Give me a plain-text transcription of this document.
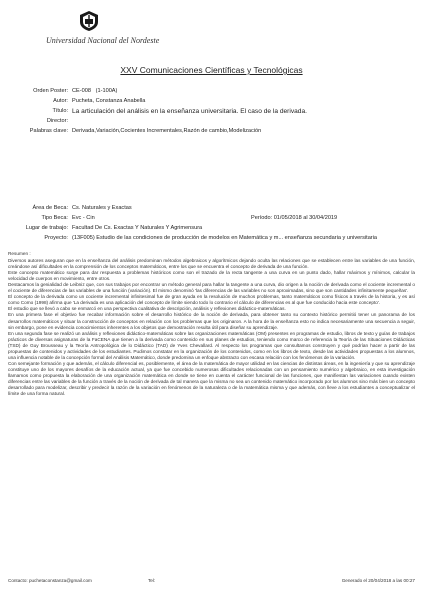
Universidad Nacional del Nordeste
XXV Comunicaciones Científicas y Tecnológicas
Orden Poster: CE-008 (1-100A)
Autor: Pucheta, Constanza Anabella
Título: La articulación del análisis en la enseñanza universitaria. El caso de la derivada.
Director:
Palabras clave: Derivada,Variación,Cocientes Incrementales,Razón de cambio,Modelización
Área de Beca: Cs. Naturales y Exactas
Tipo Beca: Evc - Cin	Período: 01/05/2018 al 30/04/2019
Lugar de trabajo: Facultad De Cs. Exactas Y Naturales Y Agrimensura
Proyecto: (13F005) Estudio de las condiciones de producción de modelos en Matemática y m... enseñanza secundaria y universitaria

Resumen :

Diversos autores aseguran que en la enseñanza del análisis predominan métodos algebraicos y algorítmicos dejando oculta las relaciones que se establecen entre las variables de una función, creándose así dificultades en la comprensión de los conceptos matemáticos, entre los que se encuentra el concepto de derivada de una función.

Este concepto matemático surge para dar respuesta a problemas históricos como son el trazado de la recta tangente a una curva en un punto dado, hallar máximos y mínimos, calcular la velocidad de cuerpos en movimiento, entre otros.

Destacamos la genialidad de Leibniz que, con sus trabajos por encontrar un método general para hallar la tangente a una curva, dio origen a la noción de derivada como el cociente incremental o el cociente de diferencias de las variables de una función (variación). El mismo denominó 'las diferencias de las variables no son aproximadas, sino que son cantidades infinitamente pequeñas'.

El concepto de la derivada como un cociente incremental infinitesimal fue de gran ayuda en la resolución de muchos problemas, tanto matemáticos como físicos a través de la historia, y es así como Como (1998) afirma que 'La derivada es una aplicación del concepto de límite siendo todo lo contrario el cálculo de diferencias es al que fue conducido hacia este concepto'.

El estudio que se llevó a cabo se enmarcó en una perspectiva cualitativa de descripción, análisis y reflexiones didáctico-matemáticas.

En una primera fase el objetivo fue recabar información sobre el desarrollo histórico de la noción de derivada, para obtener tanto su contexto histórico permitió tener un panorama de los desarrollos matemáticos y situar la construcción de conceptos en relación con los problemas que los originaron. A la hora de la enseñanza esto no indica necesariamente una secuencia a seguir, sin embargo, pone en evidencia conocimientos inherentes a los objetos que demostración resulta útil para diseñar su aprendizaje.

En una segunda fase se realizó un análisis y reflexiones didáctico-matemáticas sobre las organizaciones matemáticas (OM) presentes en programas de estudio, libros de texto y guías de trabajos prácticos de diversas asignaturas de la FaCENA que tienen a la derivada como contenido en sus planes de estudios, teniendo como marco de referencia la Teoría de las Situaciones Didácticas (TSD) de Guy Brousseau y la Teoría Antropológica de lo Didáctico (TAD) de Yves Chevallard. Al respecto los programas que consultamos construyen y qué podrían hacer a partir de las propuestas de contenidos y actividades de los estudiantes. Pudimos constatar en la organización de los contenidos, como en los libros de texto, desde las actividades propuestas a los alumnos, una influencia notable de la concepción formal del Análisis Matemático, donde predomina un enfoque abstracto con escasa relación con los fenómenos de la variación.

Con semejante formación y que además, el cálculo diferencial es, posiblemente, el área de la matemática de mayor utilidad en las ciencias de distintas áreas, en la ingeniería y que su aprendizaje constituye uno de los mayores desafíos de la educación actual, ya que fue concebido numerosas dificultades relacionadas con un pensamiento numérico y algebraico, en esta investigación llamamos como propuesta la elaboración de una organización matemática en donde se tiene en cuenta el carácter funcional de las funciones, que manifiestan las variaciones cuando existen diferencias entre las variables de la función a través de la noción de derivada de tal manera que la misma no sea un contenido matemático incorporado por los alumnos sino más bien un concepto desarrollado para modelizar, describir y predecir la razón de la variación en fenómenos de la naturaleza o de la matemática misma y que además, con lleve a los estudiantes a conceptualizar el límite de una forma natural.

Contacto: puchetaconstanza@gmail.com	Tel:	Generado el 20/04/2018 a las 00:27
